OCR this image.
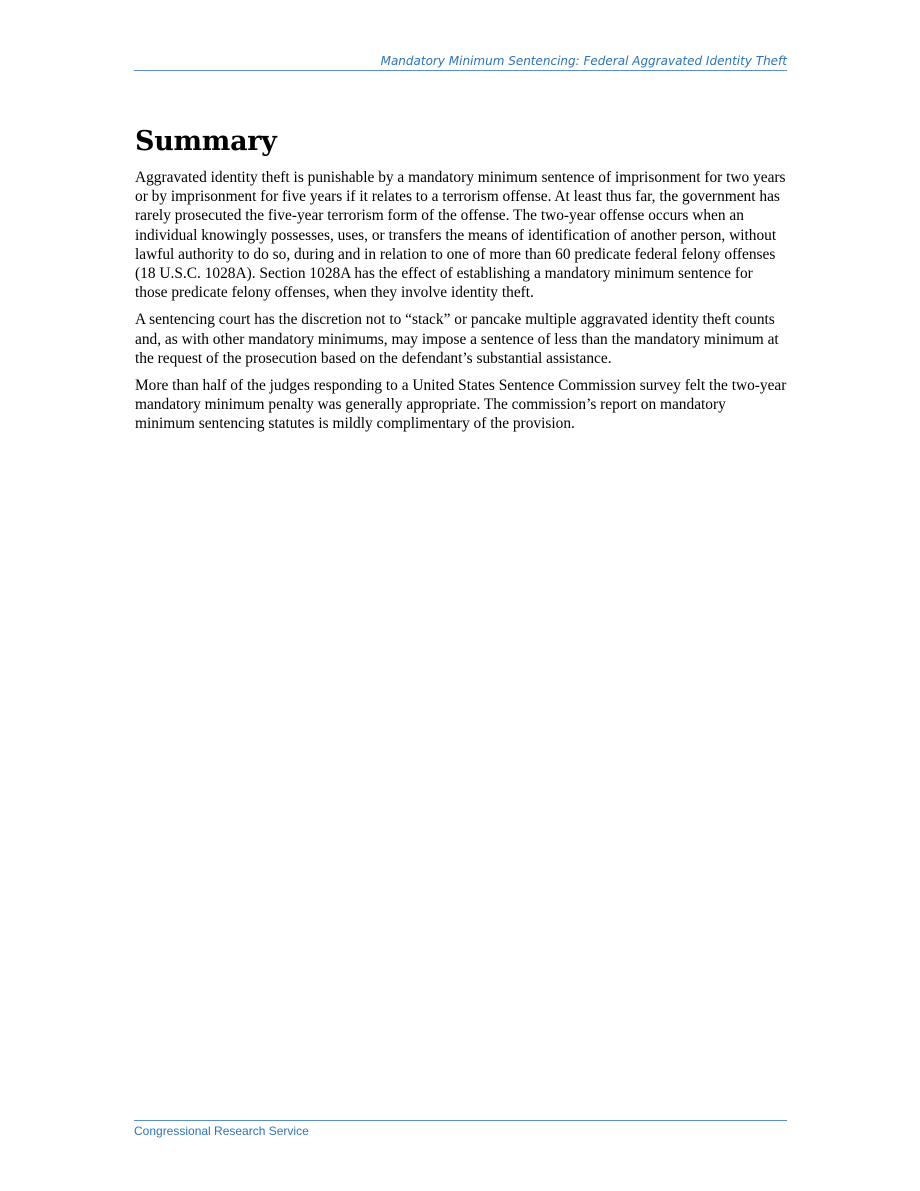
Mandatory Minimum Sentencing: Federal Aggravated Identity Theft
Summary

Aggravated identity theft is punishable by a mandatory minimum sentence of imprisonment for two years or by imprisonment for five years if it relates to a terrorism offense. At least thus far, the government has rarely prosecuted the five-year terrorism form of the offense. The two-year offense occurs when an individual knowingly possesses, uses, or transfers the means of identification of another person, without lawful authority to do so, during and in relation to one of more than 60 predicate federal felony offenses (18 U.S.C. 1028A). Section 1028A has the effect of establishing a mandatory minimum sentence for those predicate felony offenses, when they involve identity theft.

A sentencing court has the discretion not to “stack” or pancake multiple aggravated identity theft counts and, as with other mandatory minimums, may impose a sentence of less than the mandatory minimum at the request of the prosecution based on the defendant’s substantial assistance.

More than half of the judges responding to a United States Sentence Commission survey felt the two-year mandatory minimum penalty was generally appropriate. The commission’s report on mandatory minimum sentencing statutes is mildly complimentary of the provision.

Congressional Research Service
